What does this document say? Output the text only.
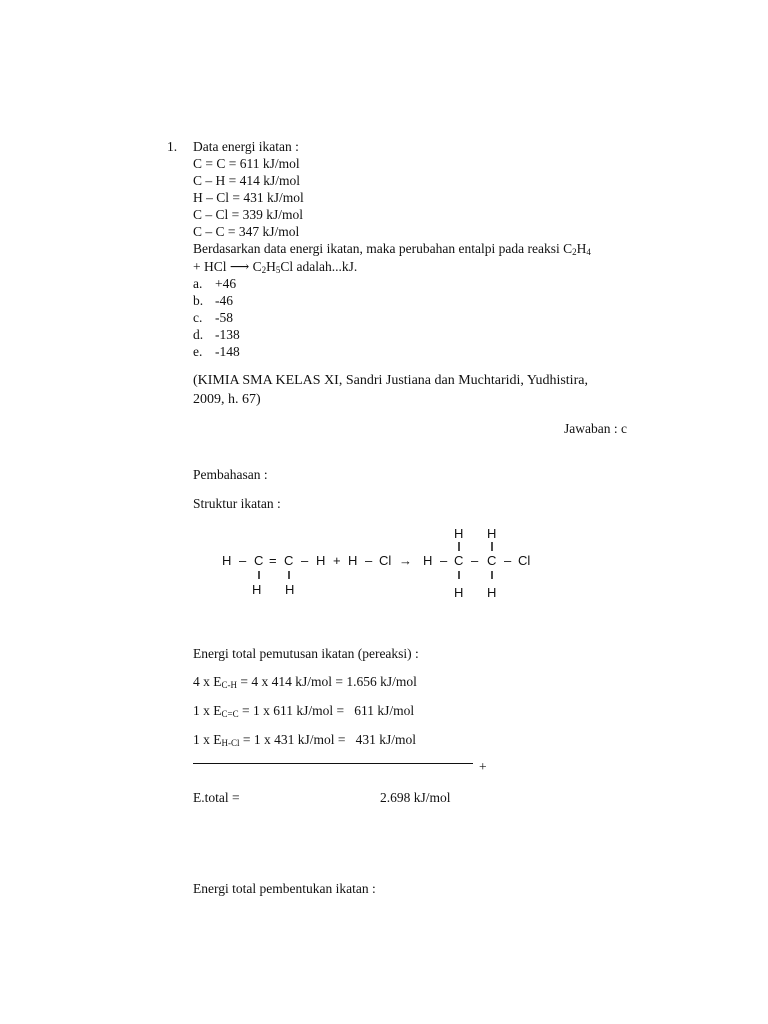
1. Data energi ikatan :
C = C = 611 kJ/mol
C – H = 414 kJ/mol
H – Cl = 431 kJ/mol
C – Cl = 339 kJ/mol
C – C = 347 kJ/mol
Berdasarkan data energi ikatan, maka perubahan entalpi pada reaksi $C_2H_4$
+ HCl ⟶ $C_2H_5Cl$ adalah...kJ.
a. +46
b. -46
c. -58
d. -138
e. -148
(KIMIA SMA KELAS XI, Sandri Justiana dan Muchtaridi, Yudhistira,
2009, h. 67)
Jawaban : c
Pembahasan :
Struktur ikatan :
H – C = C – H + H – Cl → H – C – C – Cl
H H
H H
H H
Energi total pemutusan ikatan (pereaksi) :
4 x $E_{C-H} = 4$ x 414 kJ/mol = 1.656 kJ/mol
1 x $E_{C=C} = 1$ x 611 kJ/mol =   611 kJ/mol
1 x $E_{H-Cl} = 1$ x 431 kJ/mol =   431 kJ/mol
+
E.total =	2.698 kJ/mol
Energi total pembentukan ikatan :
